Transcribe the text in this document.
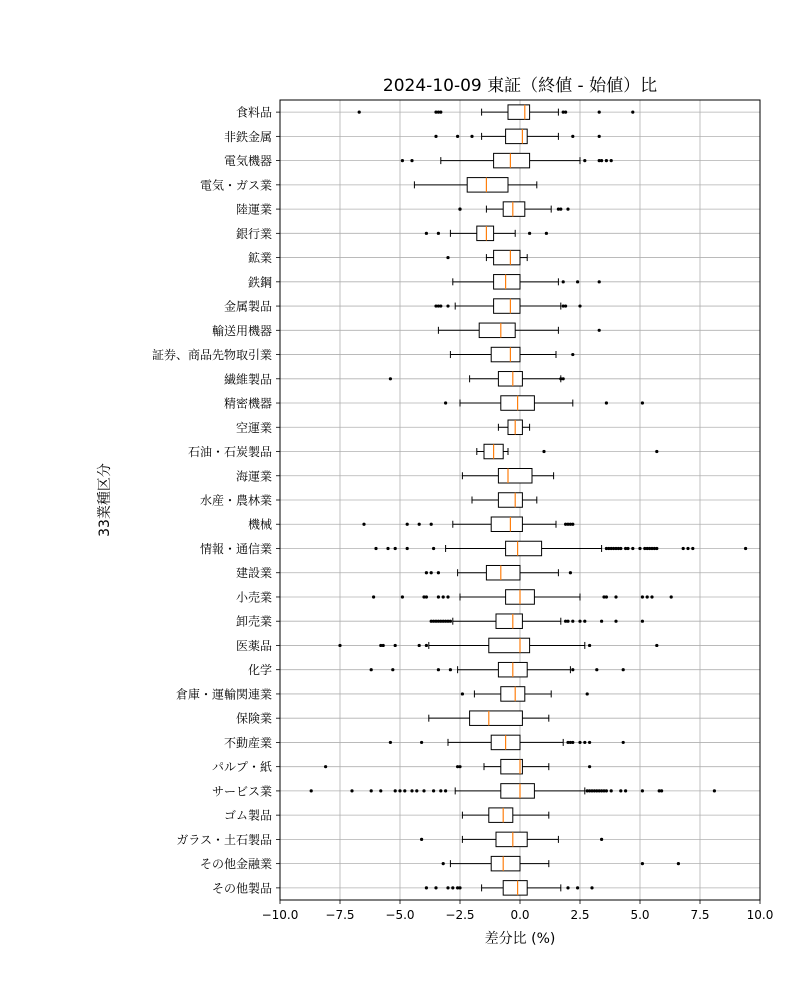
2024-10-09 東証（終値 - 始値）比
−10.0 −7.5	−5.0	−2.5	0.0	2.5	5.0	7.5	10.0
食料品
非鉄金属
電気機器
電気・ガス業
陸運業
銀行業
鉱業
鉄鋼
金属製品
輸送用機器
証券、商品先物取引業
繊維製品
精密機器
空運業
石油・石炭製品
海運業
水産・農林業
機械
情報・通信業
建設業
小売業
卸売業
医薬品
化学
倉庫・運輸関連業
保険業
不動産業
パルプ・紙
サービス業
ゴム製品
ガラス・土石製品
その他金融業
その他製品
差分比 (%)
33業種区分
